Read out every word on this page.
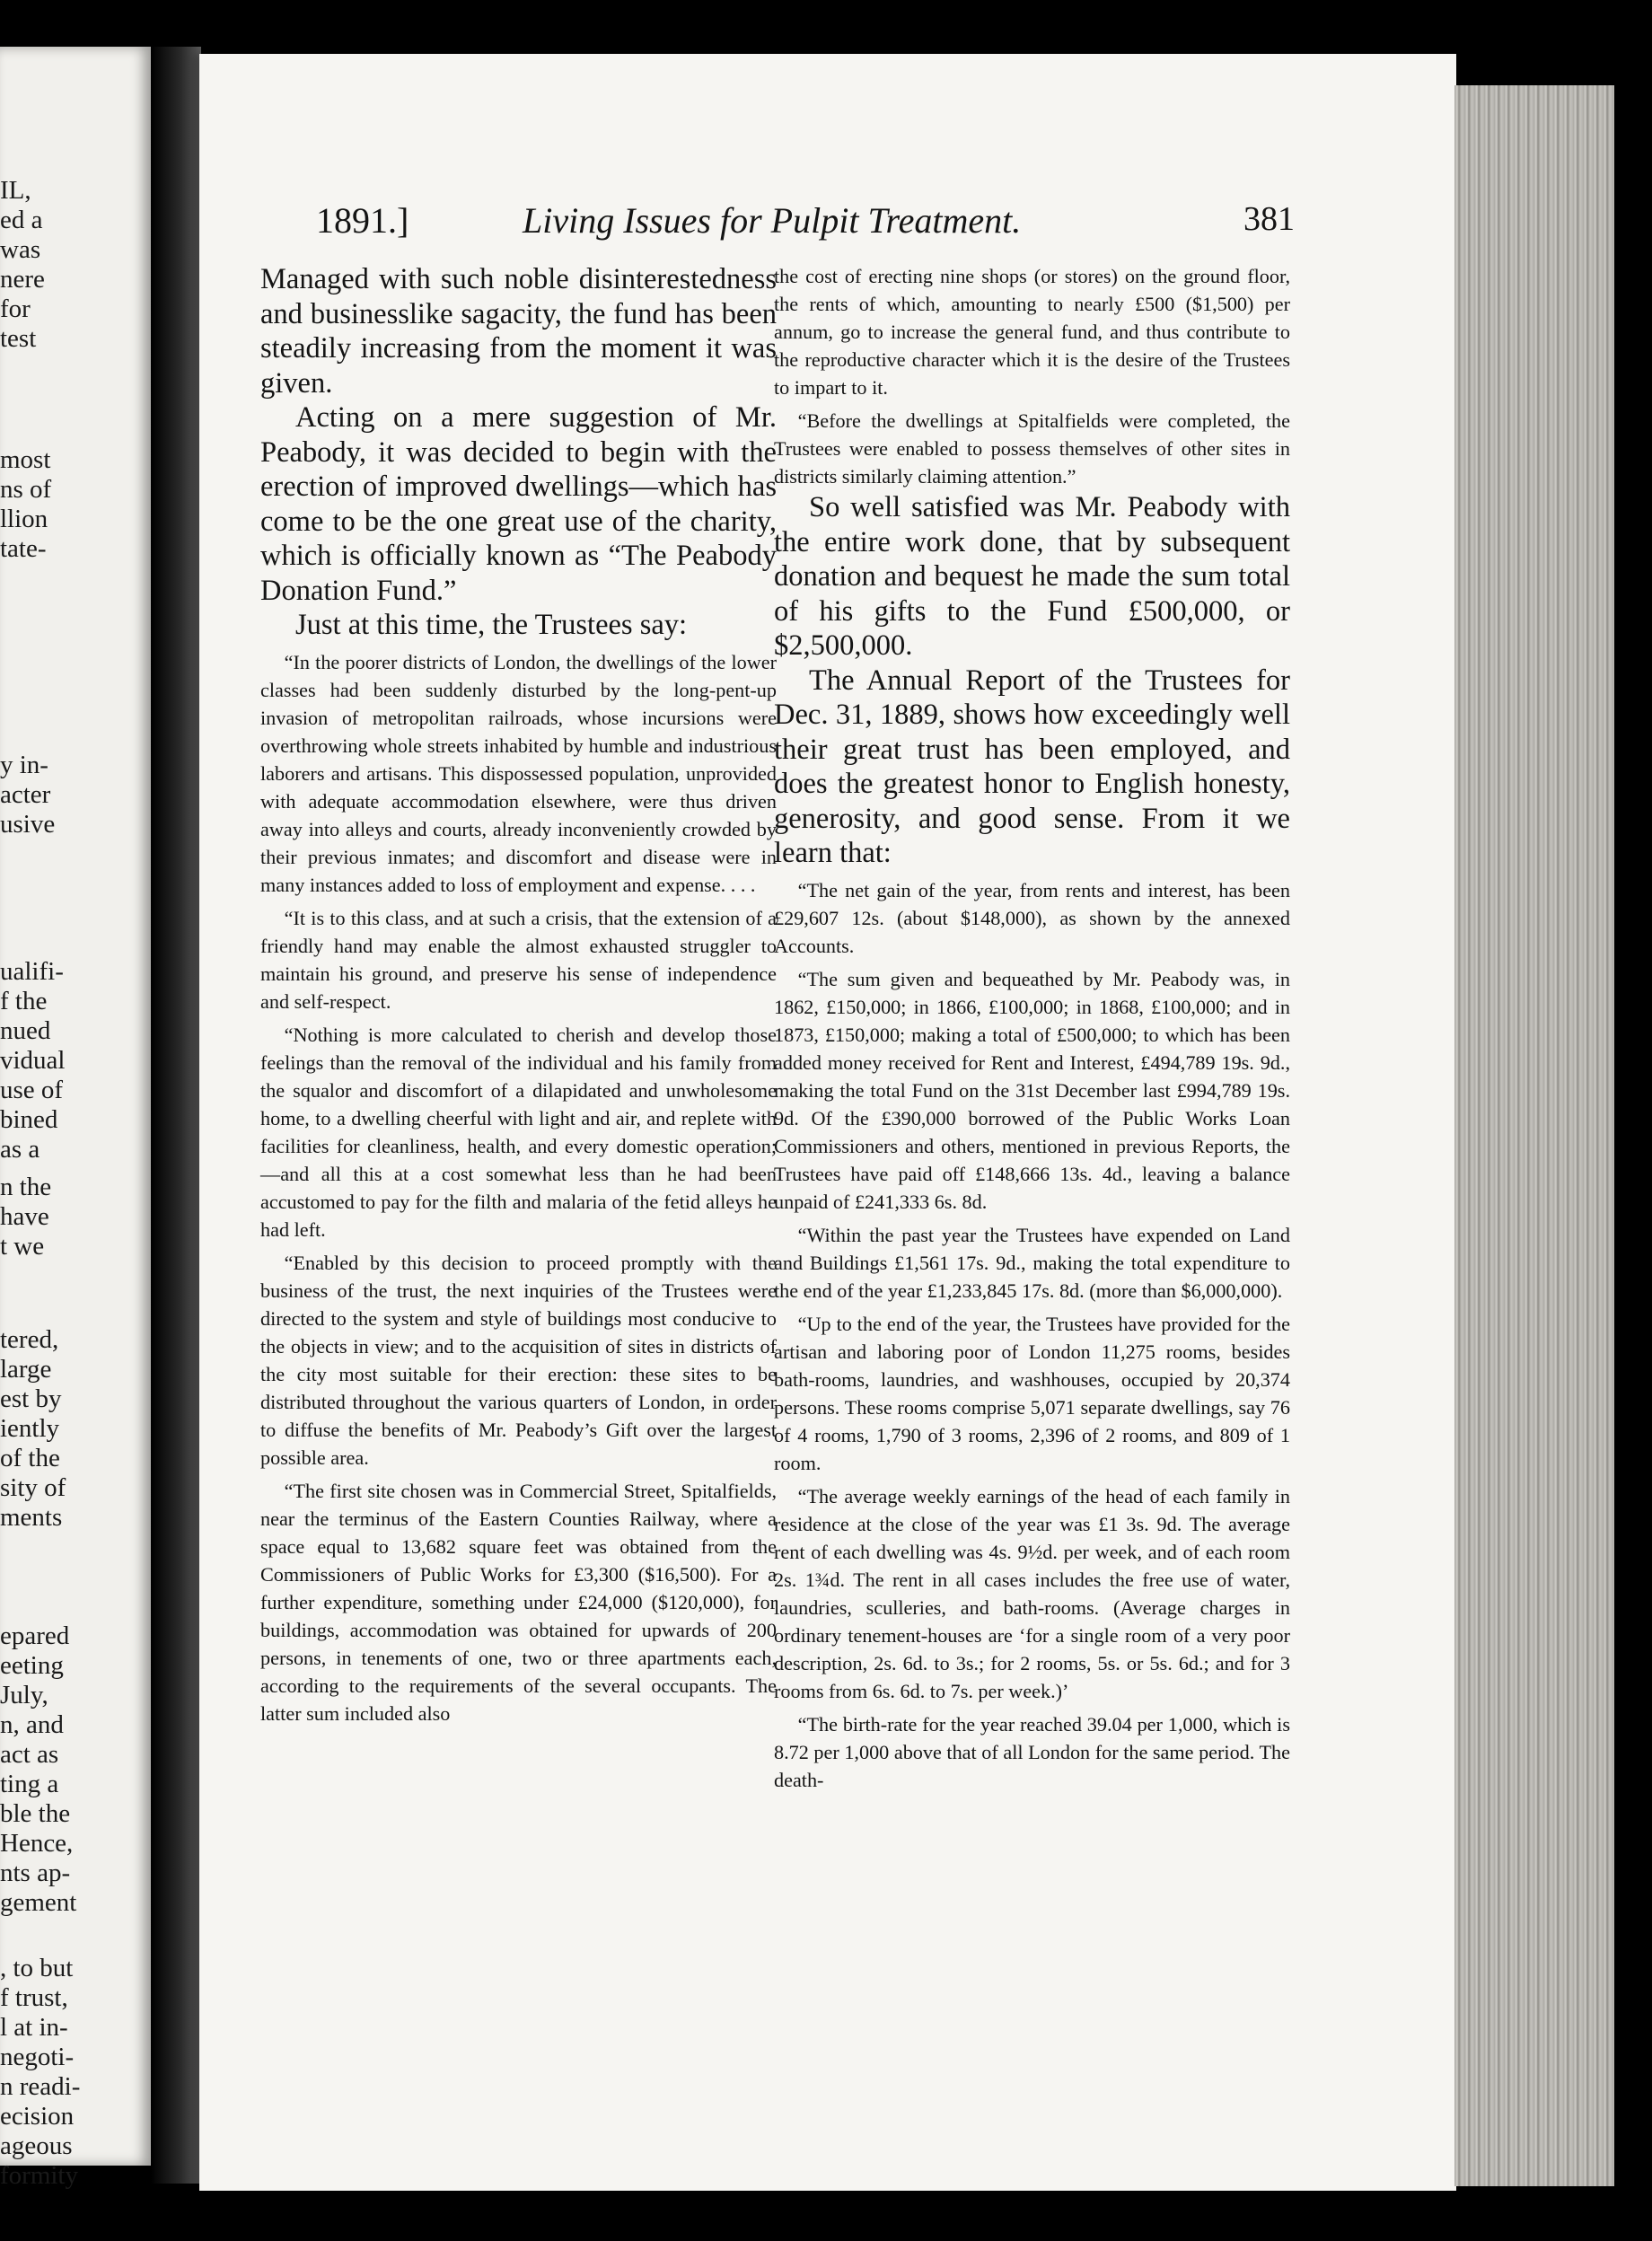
IL,
ed a
was
nere
for
test
most
ns of
llion
tate-
y in-
acter
usive
ualifi-
f the
nued
vidual
use of
bined
as a
n the
have
t we
tered,
large
est by
iently
of the
sity of
ments
epared
eeting
July,
n, and
act as
ting a
ble the
Hence,
nts ap-
gement
, to but
f trust,
l at in-
negoti-
n readi-
ecision
ageous
formity
1891.]	Living Issues for Pulpit Treatment.	381

Managed with such noble disinterestedness and businesslike sagacity, the fund has been steadily increasing from the moment it was given.

Acting on a mere suggestion of Mr. Peabody, it was decided to begin with the erection of improved dwellings—which has come to be the one great use of the charity, which is officially known as “The Peabody Donation Fund.”

Just at this time, the Trustees say:

“In the poorer districts of London, the dwellings of the lower classes had been suddenly disturbed by the long-pent-up invasion of metropolitan railroads, whose incursions were overthrowing whole streets inhabited by humble and industrious laborers and artisans. This dispossessed population, unprovided with adequate accommodation elsewhere, were thus driven away into alleys and courts, already inconveniently crowded by their previous inmates; and discomfort and disease were in many instances added to loss of employment and expense. . . .

“It is to this class, and at such a crisis, that the extension of a friendly hand may enable the almost exhausted struggler to maintain his ground, and preserve his sense of independence and self-respect.

“Nothing is more calculated to cherish and develop those feelings than the removal of the individual and his family from the squalor and discomfort of a dilapidated and unwholesome home, to a dwelling cheerful with light and air, and replete with facilities for cleanliness, health, and every domestic operation;—and all this at a cost somewhat less than he had been accustomed to pay for the filth and malaria of the fetid alleys he had left.

“Enabled by this decision to proceed promptly with the business of the trust, the next inquiries of the Trustees were directed to the system and style of buildings most conducive to the objects in view; and to the acquisition of sites in districts of the city most suitable for their erection: these sites to be distributed throughout the various quarters of London, in order to diffuse the benefits of Mr. Peabody’s Gift over the largest possible area.

“The first site chosen was in Commercial Street, Spitalfields, near the terminus of the Eastern Counties Railway, where a space equal to 13,682 square feet was obtained from the Commissioners of Public Works for £3,300 ($16,500). For a further expenditure, something under £24,000 ($120,000), for buildings, accommodation was obtained for upwards of 200 persons, in tenements of one, two or three apartments each, according to the requirements of the several occupants. The latter sum included also

the cost of erecting nine shops (or stores) on the ground floor, the rents of which, amounting to nearly £500 ($1,500) per annum, go to increase the general fund, and thus contribute to the reproductive character which it is the desire of the Trustees to impart to it.

“Before the dwellings at Spitalfields were completed, the Trustees were enabled to possess themselves of other sites in districts similarly claiming attention.”

So well satisfied was Mr. Peabody with the entire work done, that by subsequent donation and bequest he made the sum total of his gifts to the Fund £500,000, or $2,500,000.

The Annual Report of the Trustees for Dec. 31, 1889, shows how exceedingly well their great trust has been employed, and does the greatest honor to English honesty, generosity, and good sense. From it we learn that:

“The net gain of the year, from rents and interest, has been £29,607 12s. (about $148,000), as shown by the annexed Accounts.

“The sum given and bequeathed by Mr. Peabody was, in 1862, £150,000; in 1866, £100,000; in 1868, £100,000; and in 1873, £150,000; making a total of £500,000; to which has been added money received for Rent and Interest, £494,789 19s. 9d., making the total Fund on the 31st December last £994,789 19s. 9d. Of the £390,000 borrowed of the Public Works Loan Commissioners and others, mentioned in previous Reports, the Trustees have paid off £148,666 13s. 4d., leaving a balance unpaid of £241,333 6s. 8d.

“Within the past year the Trustees have expended on Land and Buildings £1,561 17s. 9d., making the total expenditure to the end of the year £1,233,845 17s. 8d. (more than $6,000,000).

“Up to the end of the year, the Trustees have provided for the artisan and laboring poor of London 11,275 rooms, besides bath-rooms, laundries, and washhouses, occupied by 20,374 persons. These rooms comprise 5,071 separate dwellings, say 76 of 4 rooms, 1,790 of 3 rooms, 2,396 of 2 rooms, and 809 of 1 room.

“The average weekly earnings of the head of each family in residence at the close of the year was £1 3s. 9d. The average rent of each dwelling was 4s. 9½d. per week, and of each room 2s. 1¾d. The rent in all cases includes the free use of water, laundries, sculleries, and bath-rooms. (Average charges in ordinary tenement-houses are ‘for a single room of a very poor description, 2s. 6d. to 3s.; for 2 rooms, 5s. or 5s. 6d.; and for 3 rooms from 6s. 6d. to 7s. per week.)’

“The birth-rate for the year reached 39.04 per 1,000, which is 8.72 per 1,000 above that of all London for the same period. The death-
